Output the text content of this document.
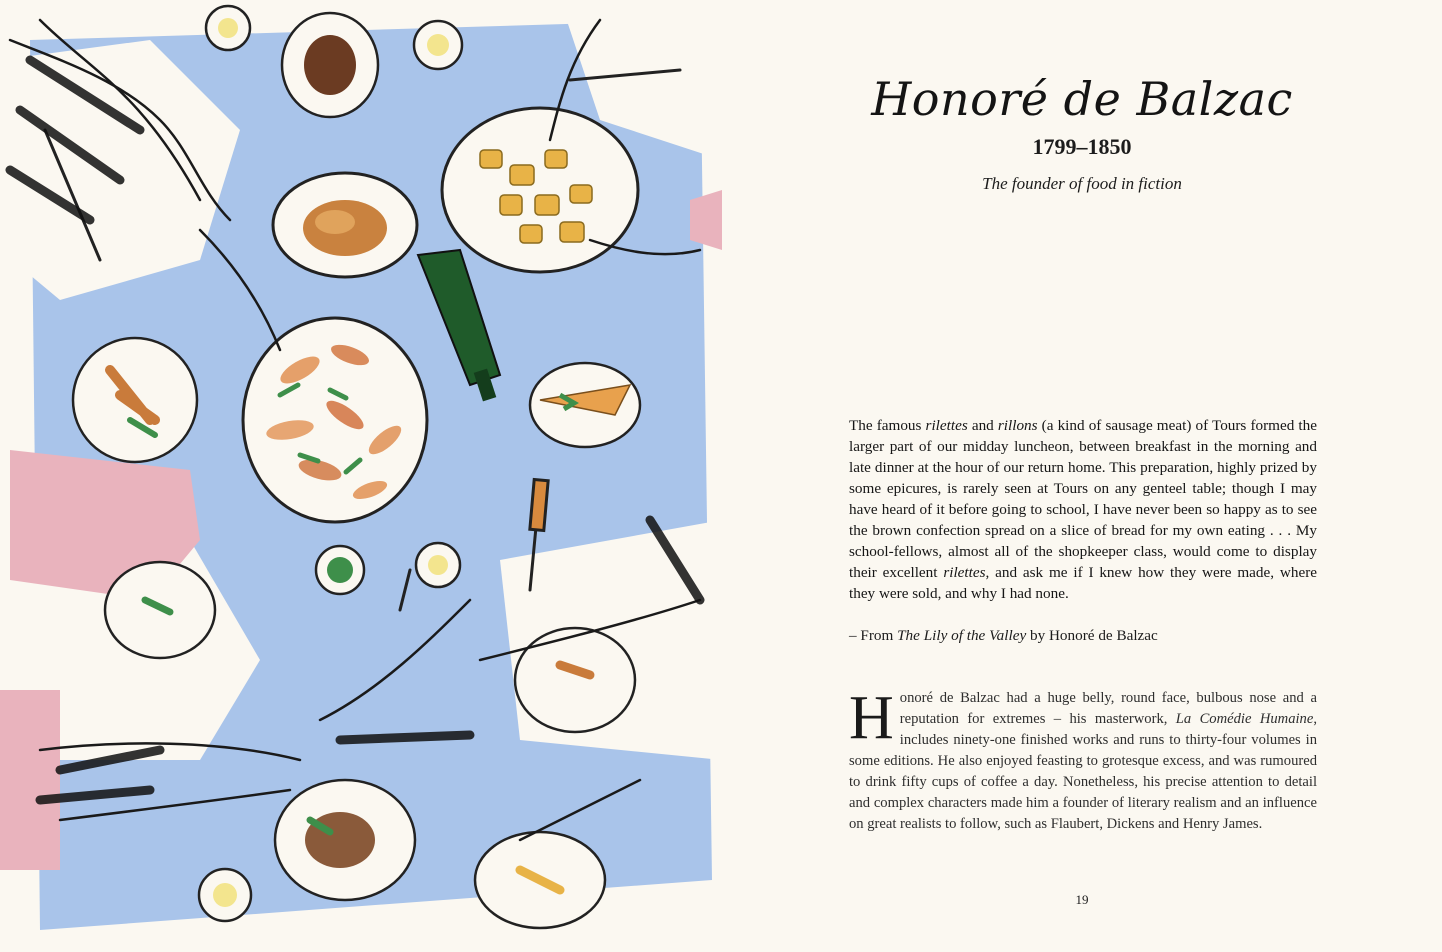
Honoré de Balzac

1799–1850

The founder of food in fiction

The famous rilettes and rillons (a kind of sausage meat) of Tours formed the larger part of our midday luncheon, between breakfast in the morning and late dinner at the hour of our return home. This preparation, highly prized by some epicures, is rarely seen at Tours on any genteel table; though I may have heard of it before going to school, I have never been so happy as to see the brown confection spread on a slice of bread for my own eating . . . My school-fellows, almost all of the shopkeeper class, would come to display their excellent rilettes, and ask me if I knew how they were made, where they were sold, and why I had none.

– From The Lily of the Valley by Honoré de Balzac

Honoré de Balzac had a huge belly, round face, bulbous nose and a reputation for extremes – his masterwork, La Comédie Humaine, includes ninety-one finished works and runs to thirty-four volumes in some editions. He also enjoyed feasting to grotesque excess, and was rumoured to drink fifty cups of coffee a day. Nonetheless, his precise attention to detail and complex characters made him a founder of literary realism and an influence on great realists to follow, such as Flaubert, Dickens and Henry James.

19
